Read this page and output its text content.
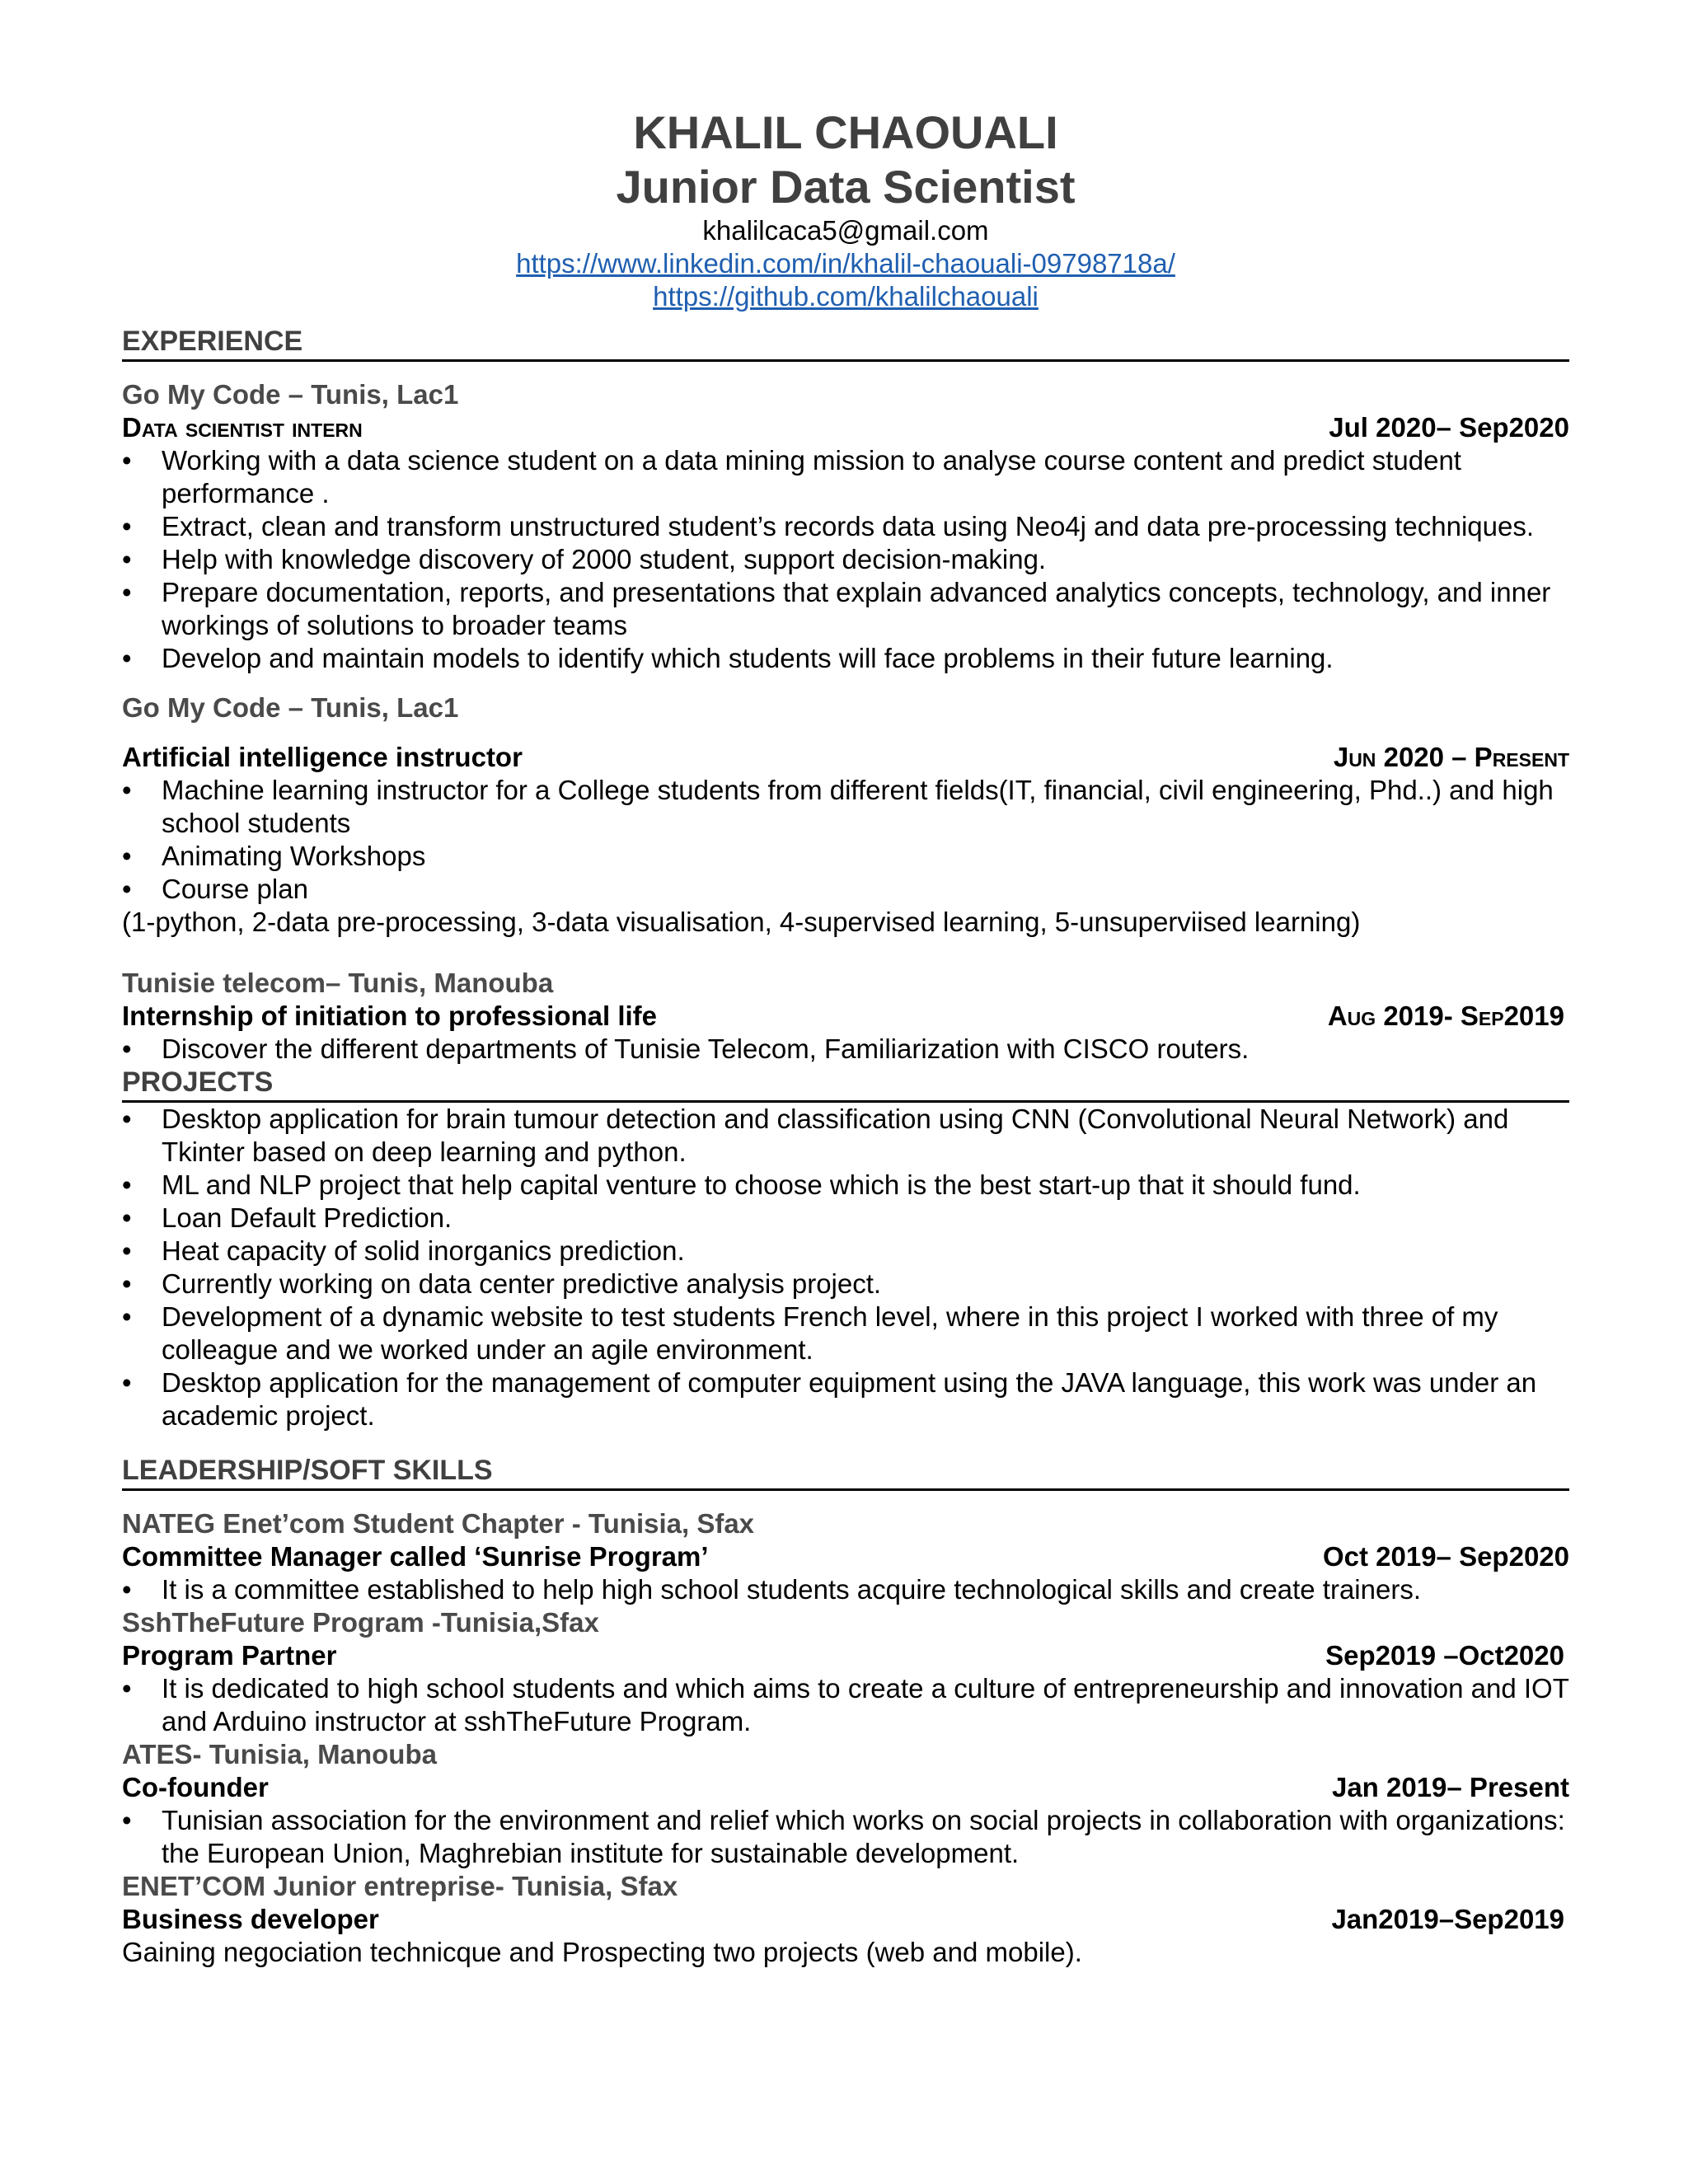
KHALIL CHAOUALI
Junior Data Scientist
khalilcaca5@gmail.com
https://www.linkedin.com/in/khalil-chaouali-09798718a/
https://github.com/khalilchaouali
EXPERIENCE
Go My Code – Tunis, Lac1
Data scientist intern	Jul 2020– Sep2020
• Working with a data science student on a data mining mission to analyse course content and predict student performance .
• Extract, clean and transform unstructured student’s records data using Neo4j and data pre-processing techniques.
• Help with knowledge discovery of 2000 student, support decision-making.
• Prepare documentation, reports, and presentations that explain advanced analytics concepts, technology, and inner workings of solutions to broader teams
• Develop and maintain models to identify which students will face problems in their future learning.
Go My Code – Tunis, Lac1
Artificial intelligence instructor	Jun 2020 – Present
• Machine learning instructor for a College students from different fields(IT, financial, civil engineering, Phd..) and high school students
• Animating Workshops
• Course plan
(1-python, 2-data pre-processing, 3-data visualisation, 4-supervised learning, 5-unsuperviised learning)
Tunisie telecom– Tunis, Manouba
Internship of initiation to professional life	Aug 2019- Sep2019
• Discover the different departments of Tunisie Telecom, Familiarization with CISCO routers.
PROJECTS
• Desktop application for brain tumour detection and classification using CNN (Convolutional Neural Network) and Tkinter based on deep learning and python.
• ML and NLP project that help capital venture to choose which is the best start-up that it should fund.
• Loan Default Prediction.
• Heat capacity of solid inorganics prediction.
• Currently working on data center predictive analysis project.
• Development of a dynamic website to test students French level, where in this project I worked with three of my colleague and we worked under an agile environment.
• Desktop application for the management of computer equipment using the JAVA language, this work was under an academic project.
LEADERSHIP/SOFT SKILLS
NATEG Enet’com Student Chapter - Tunisia, Sfax
Committee Manager called ‘Sunrise Program’	Oct 2019– Sep2020
• It is a committee established to help high school students acquire technological skills and create trainers.
SshTheFuture Program -Tunisia,Sfax
Program Partner	Sep2019 –Oct2020
• It is dedicated to high school students and which aims to create a culture of entrepreneurship and innovation and IOT and Arduino instructor at sshTheFuture Program.
ATES- Tunisia, Manouba
Co-founder	Jan 2019– Present
• Tunisian association for the environment and relief which works on social projects in collaboration with organizations: the European Union, Maghrebian institute for sustainable development.
ENET’COM Junior entreprise- Tunisia, Sfax
Business developer	Jan2019–Sep2019
Gaining negociation technicque and Prospecting two projects (web and mobile).
